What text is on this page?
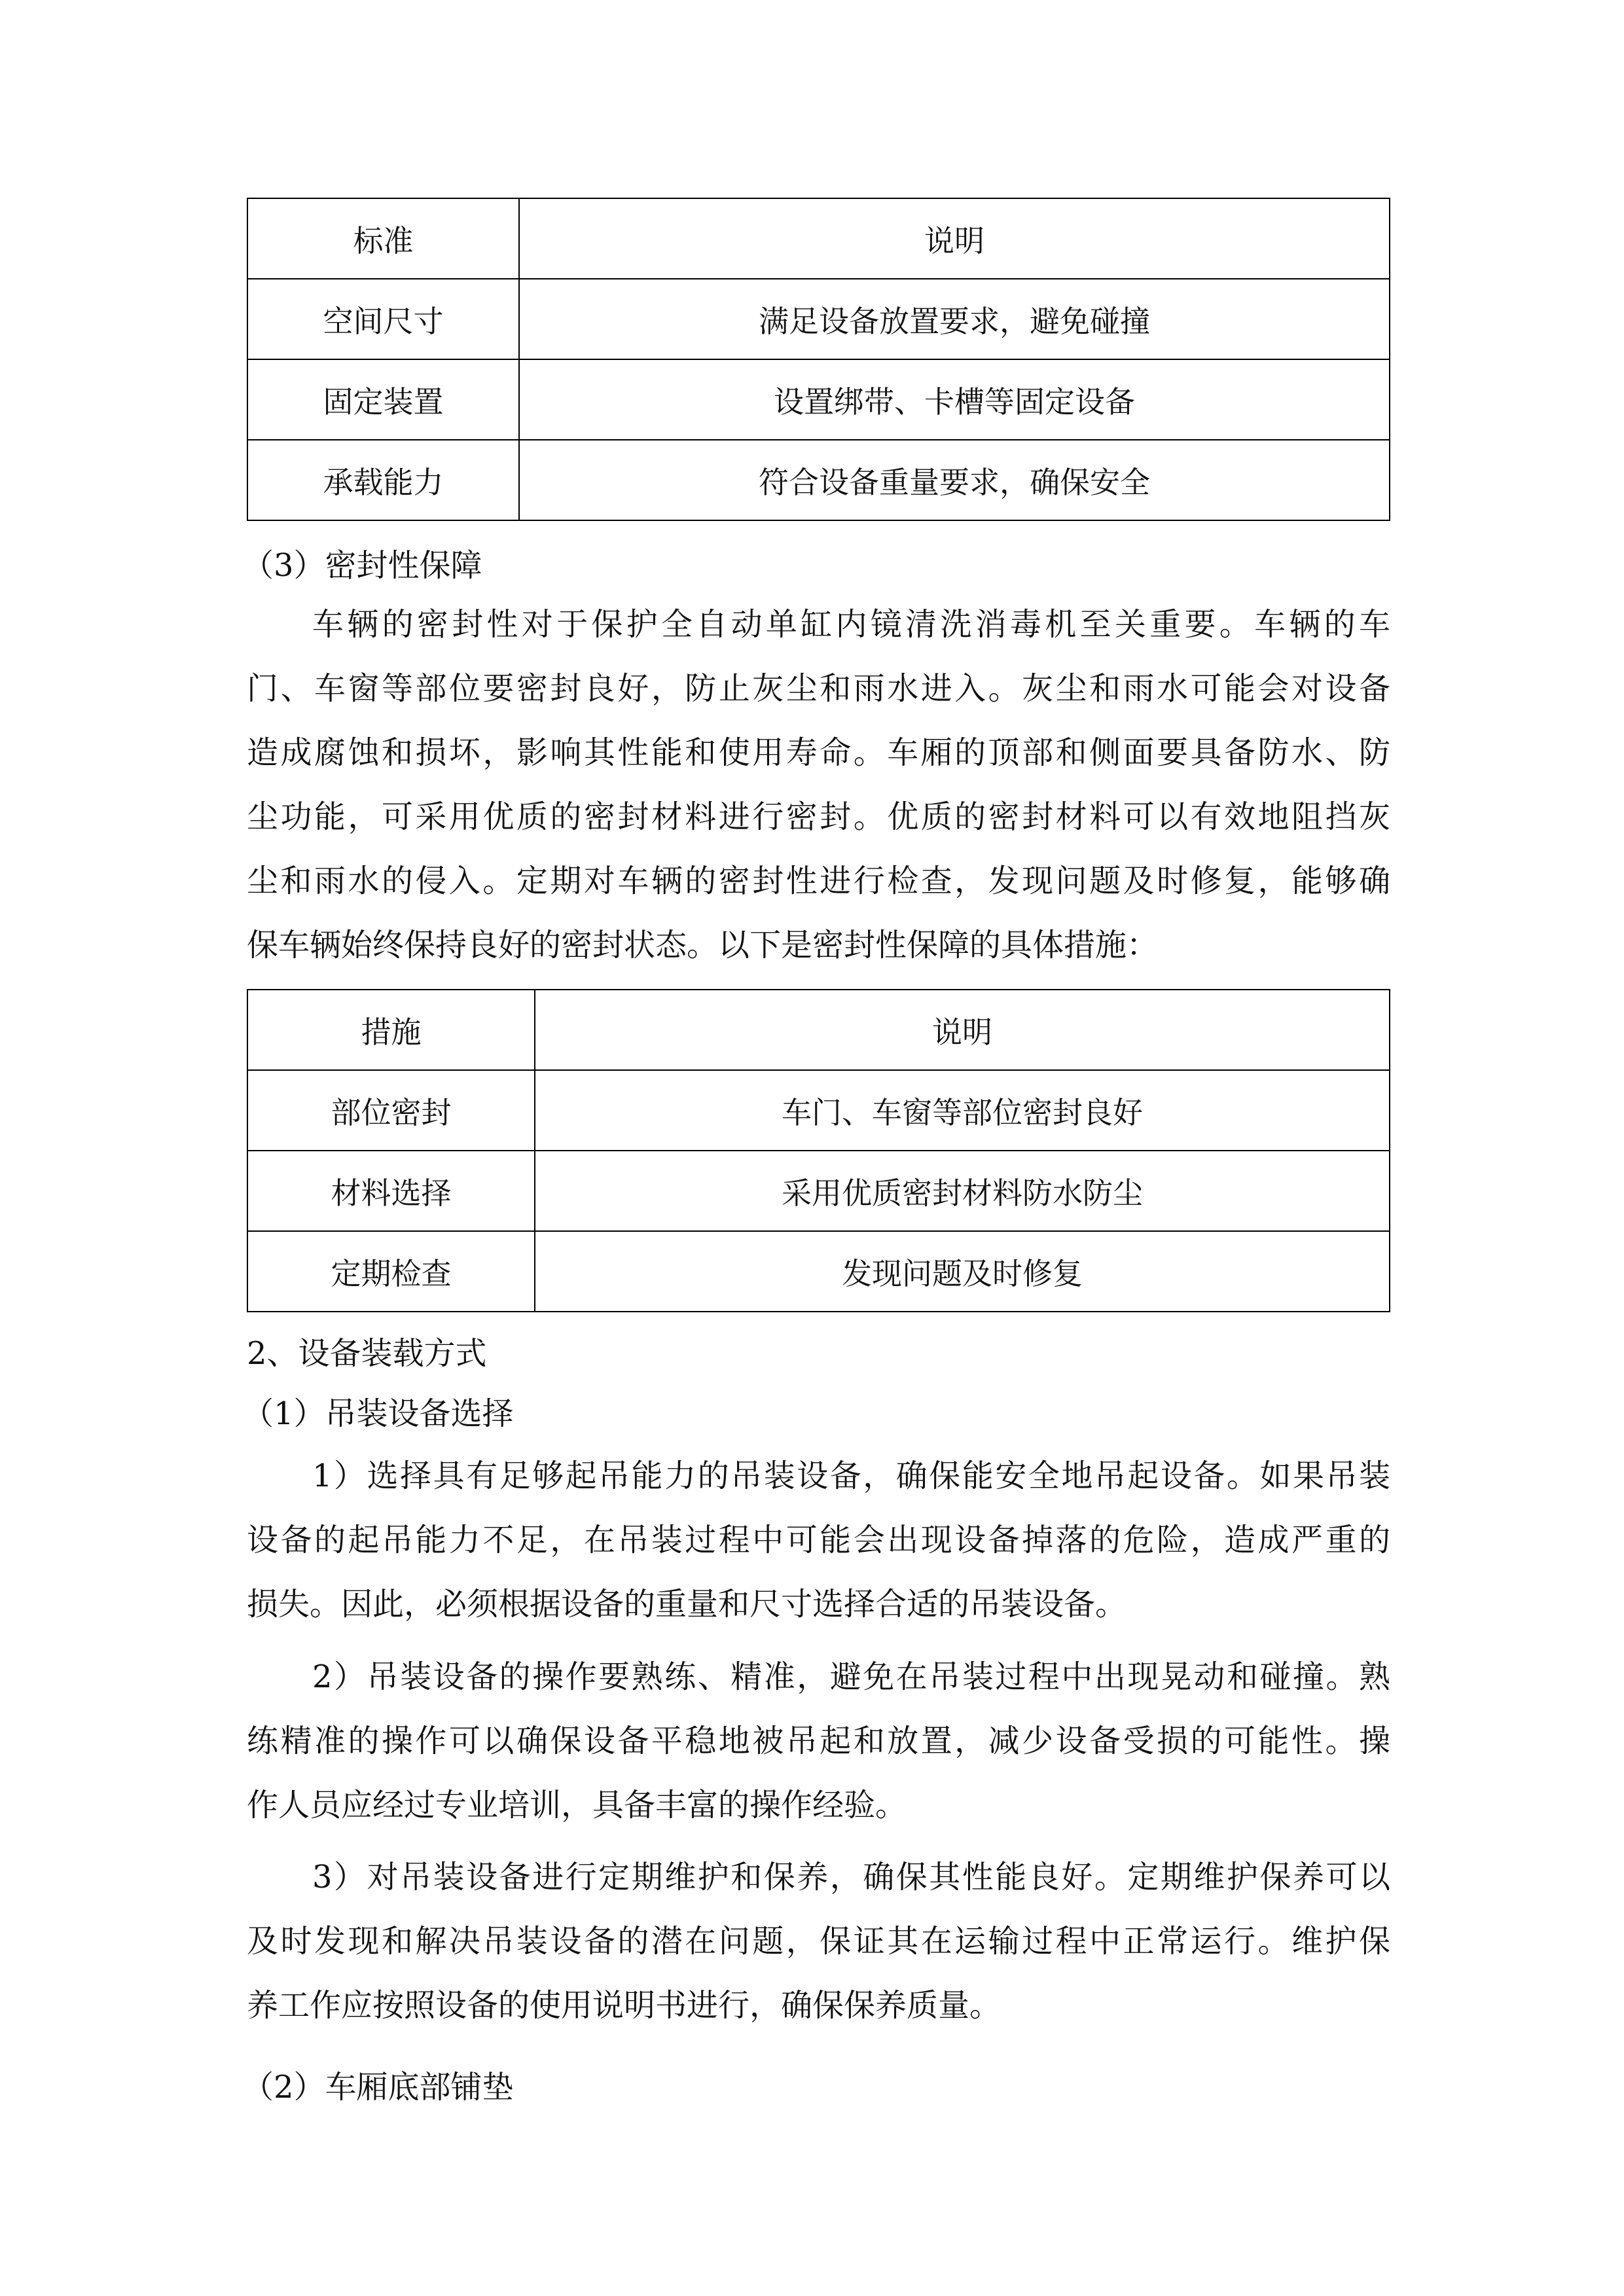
标准	说明
空间尺寸	满足设备放置要求，避免碰撞
固定装置	设置绑带、卡槽等固定设备
承载能力	符合设备重量要求，确保安全
（3）密封性保障
车辆的密封性对于保护全自动单缸内镜清洗消毒机至关重要。车辆的车
门、车窗等部位要密封良好，防止灰尘和雨水进入。灰尘和雨水可能会对设备
造成腐蚀和损坏，影响其性能和使用寿命。车厢的顶部和侧面要具备防水、防
尘功能，可采用优质的密封材料进行密封。优质的密封材料可以有效地阻挡灰
尘和雨水的侵入。定期对车辆的密封性进行检查，发现问题及时修复，能够确
保车辆始终保持良好的密封状态。以下是密封性保障的具体措施：
措施	说明
部位密封	车门、车窗等部位密封良好
材料选择	采用优质密封材料防水防尘
定期检查	发现问题及时修复
2、设备装载方式
（1）吊装设备选择
1）选择具有足够起吊能力的吊装设备，确保能安全地吊起设备。如果吊装
设备的起吊能力不足，在吊装过程中可能会出现设备掉落的危险，造成严重的
损失。因此，必须根据设备的重量和尺寸选择合适的吊装设备。
2）吊装设备的操作要熟练、精准，避免在吊装过程中出现晃动和碰撞。熟
练精准的操作可以确保设备平稳地被吊起和放置，减少设备受损的可能性。操
作人员应经过专业培训，具备丰富的操作经验。
3）对吊装设备进行定期维护和保养，确保其性能良好。定期维护保养可以
及时发现和解决吊装设备的潜在问题，保证其在运输过程中正常运行。维护保
养工作应按照设备的使用说明书进行，确保保养质量。
（2）车厢底部铺垫
